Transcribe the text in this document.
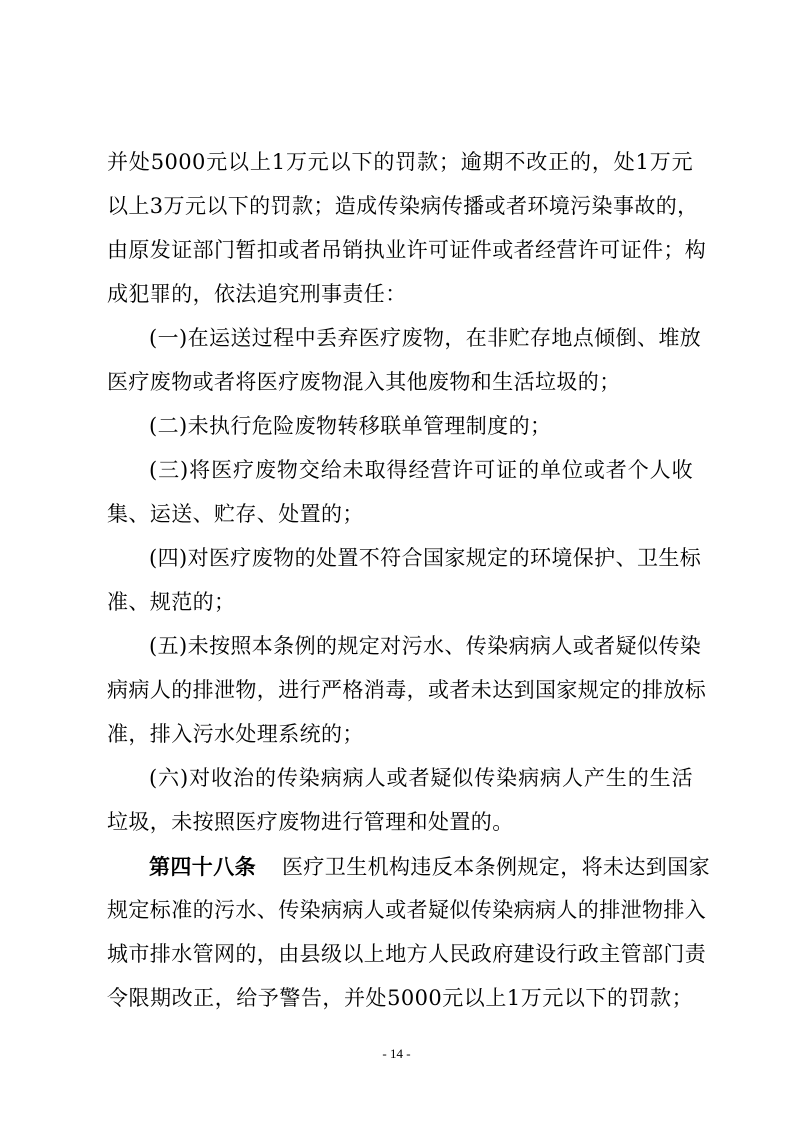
并处5000元以上1万元以下的罚款；逾期不改正的，处1万元
以上3万元以下的罚款；造成传染病传播或者环境污染事故的，
由原发证部门暂扣或者吊销执业许可证件或者经营许可证件；构
成犯罪的，依法追究刑事责任：
(一)在运送过程中丢弃医疗废物，在非贮存地点倾倒、堆放
医疗废物或者将医疗废物混入其他废物和生活垃圾的；
(二)未执行危险废物转移联单管理制度的；
(三)将医疗废物交给未取得经营许可证的单位或者个人收
集、运送、贮存、处置的；
(四)对医疗废物的处置不符合国家规定的环境保护、卫生标
准、规范的；
(五)未按照本条例的规定对污水、传染病病人或者疑似传染
病病人的排泄物，进行严格消毒，或者未达到国家规定的排放标
准，排入污水处理系统的；
(六)对收治的传染病病人或者疑似传染病病人产生的生活
垃圾，未按照医疗废物进行管理和处置的。
第四十八条 医疗卫生机构违反本条例规定，将未达到国家
规定标准的污水、传染病病人或者疑似传染病病人的排泄物排入
城市排水管网的，由县级以上地方人民政府建设行政主管部门责
令限期改正，给予警告，并处5000元以上1万元以下的罚款；
- 14 -
